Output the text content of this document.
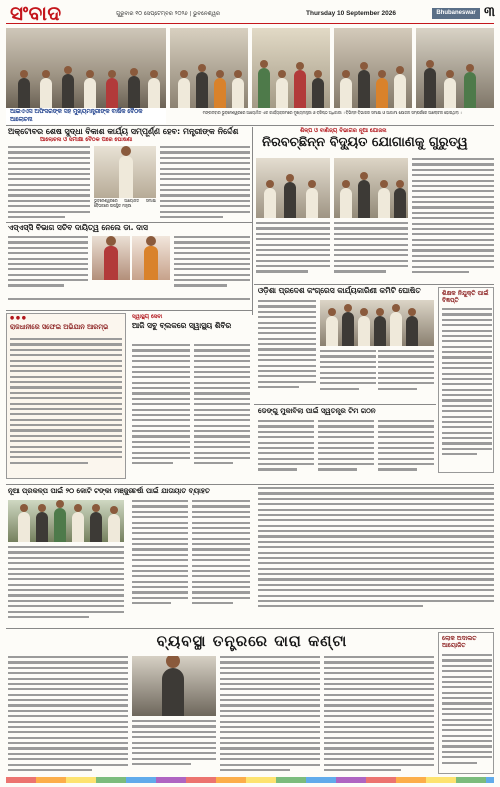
ସଂବାଦ	ଗୁରୁବାର ୧୦ ସେପ୍ଟେମ୍ବର ୨୦୨୬ | ଭୁବନେଶ୍ୱର	Thursday 10 September 2026	Bhubaneswar ୩
ଆଇଏଏସ ଅଫିସରଙ୍କ ସହ ମୁଖ୍ୟମନ୍ତ୍ରୀଙ୍କ ବାର୍ଷିକ ବୈଠକ ଆଲୋଚନା
ମଙ୍ଗଳବାର ଭୁବନେଶ୍ୱରରେ ଆୟୋଜିତ ଏକ କାର୍ଯ୍ୟକ୍ରମରେ ମୁଖ୍ୟମନ୍ତ୍ରୀ ଓ ବରିଷ୍ଠ ଅଧିକାରୀ । ବିଭିନ୍ନ ବିଭାଗର ସମୀକ୍ଷା ଓ ଆଗାମୀ ଯୋଜନା ସମ୍ପର୍କରେ ଆଲୋଚନା ହୋଇଥିଲା ।
ଅକ୍ଟୋବର ଶେଷ ସୁଦ୍ଧା ବିକାଶ କାର୍ଯ୍ୟ ସମ୍ପୂର୍ଣ୍ଣ ହେବ: ମନ୍ତ୍ରୀଙ୍କ ନିର୍ଦ୍ଦେଶ
ଆଲୋଚନା ଓ ସମୀକ୍ଷା ବୈଠକ ପରେ ଘୋଷଣା
ଭୁବନେଶ୍ୱରରେ ଆୟୋଜିତ ସମୀକ୍ଷା ବୈଠକରେ ଉପସ୍ଥିତ ମନ୍ତ୍ରୀ
ଏସ୍‌ଏସ୍‌ସି ବିଭାଗ ସଚିବ ଦାୟିତ୍ୱ ନେଲେ ଡା. ଦାସ
ଶିଳ୍ପ ଓ ବାଣିଜ୍ୟ ବିଭାଗର ନୂଆ ଯୋଜନା
ନିରବଚ୍ଛିନ୍ନ ବିଦ୍ୟୁତ ଯୋଗାଣକୁ ଗୁରୁତ୍ୱ
ଓଡ଼ିଶା ପ୍ରଦେଶ କଂଗ୍ରେସ କାର୍ଯ୍ୟକାରିଣୀ କମିଟି ଘୋଷିତ	ଶିକ୍ଷକ ନିଯୁକ୍ତି ପାଇଁ ବିଜ୍ଞପ୍ତି
● ● ●
ରାଜଧାନୀରେ ସଫେଇ ଅଭିଯାନ ଆରମ୍ଭ
ସ୍ୱାସ୍ଥ୍ୟ ସେବା
ଆଜି ସବୁ ବ୍ଲକରେ ସ୍ୱାସ୍ଥ୍ୟ ଶିବିର
ଡେଙ୍ଗୁ ମୁକାବିଲା ପାଇଁ ସ୍ୱତନ୍ତ୍ର ଟିମ ଗଠନ
ନୂଆ ପ୍ରକଳ୍ପ ପାଇଁ ୨୦ କୋଟି ଟଙ୍କା ମଞ୍ଜୁର
ବର୍ଷା ପାଇଁ ଯାତାୟାତ ବ୍ୟାହତ
ବ୍ୟବସ୍ଥା ତନ୍ତ୍ରରେ ଦାରା କଣ୍ଟା	ଲୋକ ଅଦାଲତ ଆୟୋଜିତ
